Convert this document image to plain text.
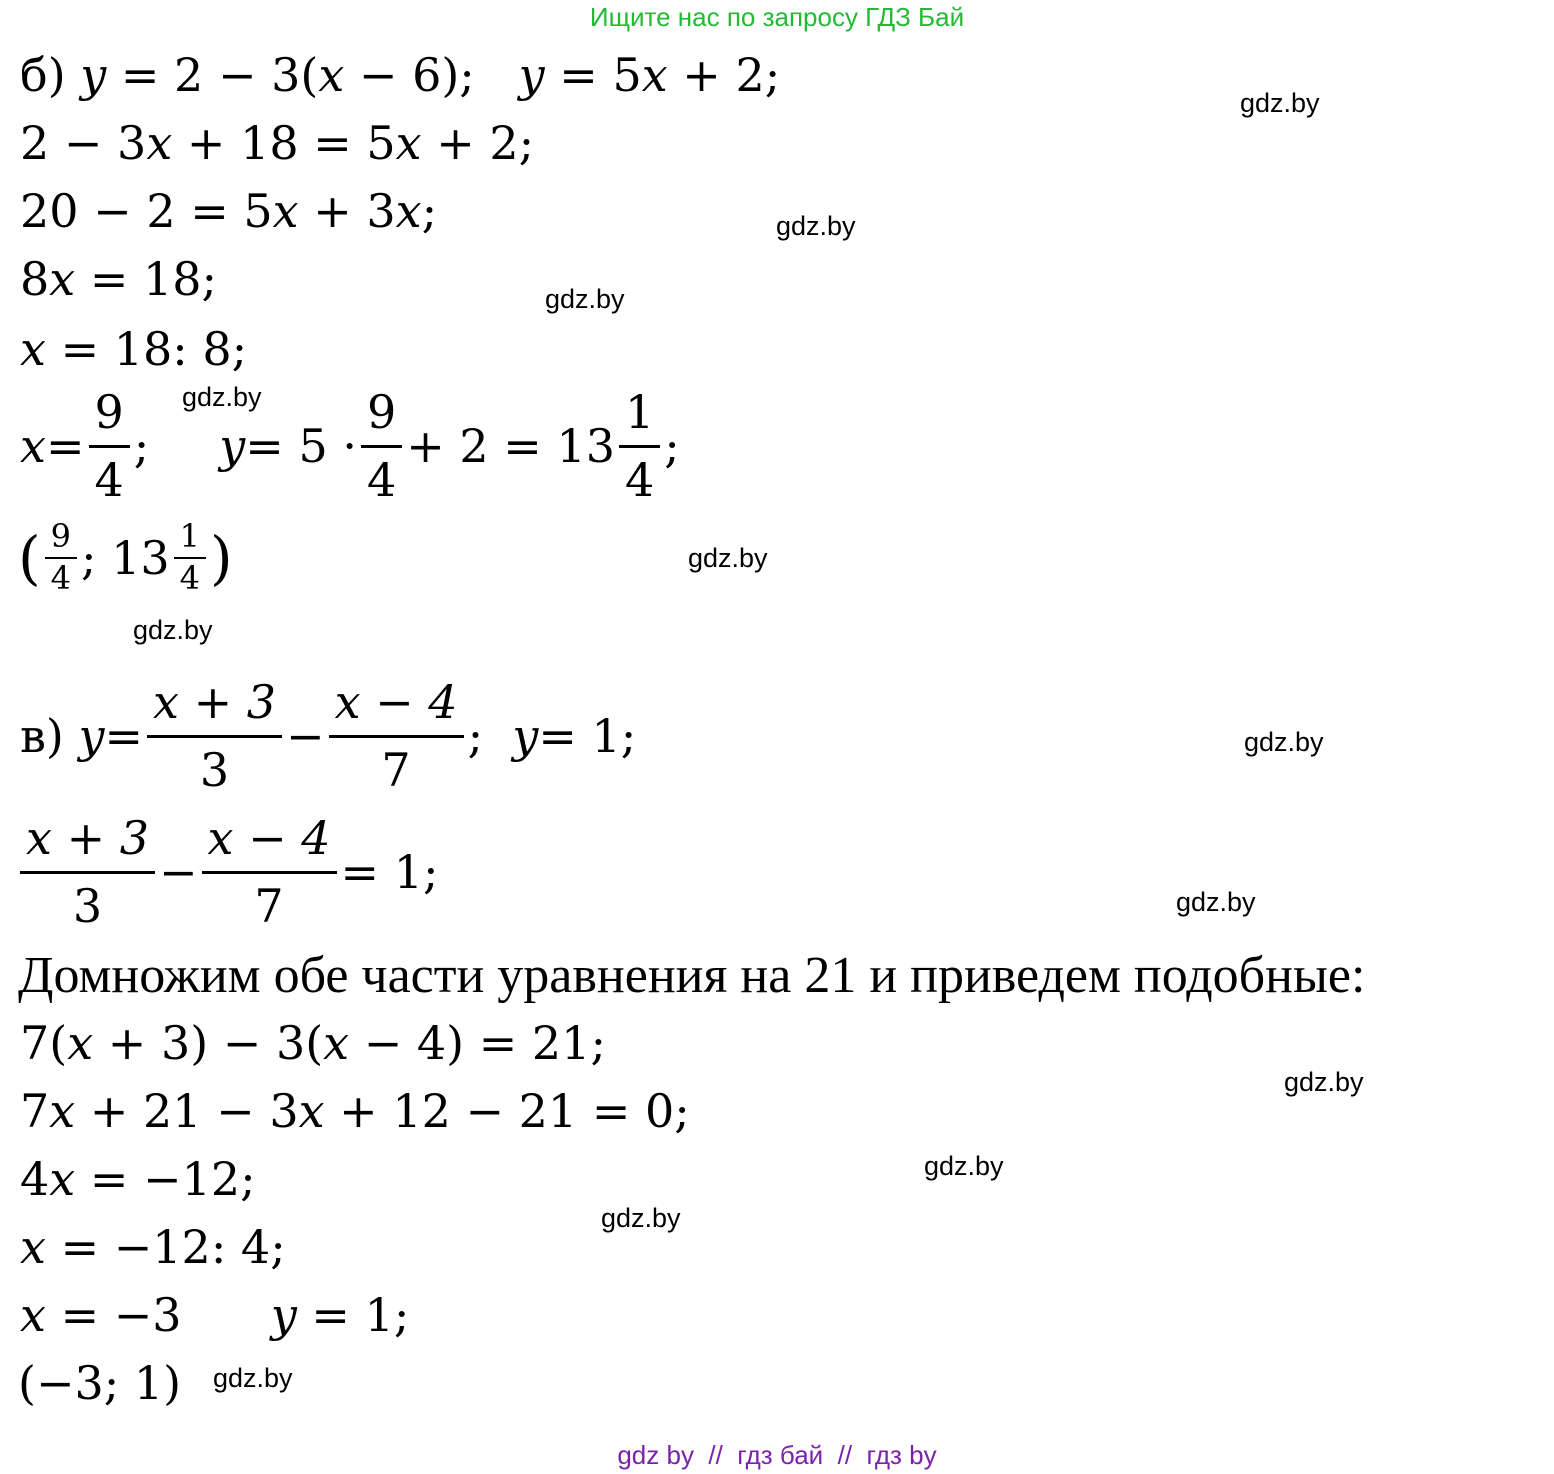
Ищите нас по запросу ГДЗ Бай
б) y = 2 − 3(x − 6); y = 5x + 2;
2 − 3x + 18 = 5x + 2;
20 − 2 = 5x + 3x;
8x = 18;
x = 18: 8;
$x = \frac{9}{4}$ ; $y = 5 \cdot \frac{9}{4} + 2 = 13 \frac{1}{4}$ ;
( $\frac{9}{4}$ ; $13 \frac{1}{4}$ )
в)
$y = \frac{x + 3}{3} - \frac{x - 4}{7}$ ;
y = 1;
$\frac{x + 3}{3} - \frac{x - 4}{7} = 1$;
Домножим обе части уравнения на 21 и приведем подобные:
7(x + 3) − 3(x − 4) = 21;
7x + 21 − 3x + 12 − 21 = 0;
4x = −12;
x = −12: 4;
x = −3 y = 1;
(−3; 1)
gdz.by
gdz.by
gdz.by
gdz.by
gdz.by
gdz.by
gdz.by
gdz.by
gdz.by
gdz.by
gdz.by
gdz.by
gdz by  //  гдз бай  //  гдз by
